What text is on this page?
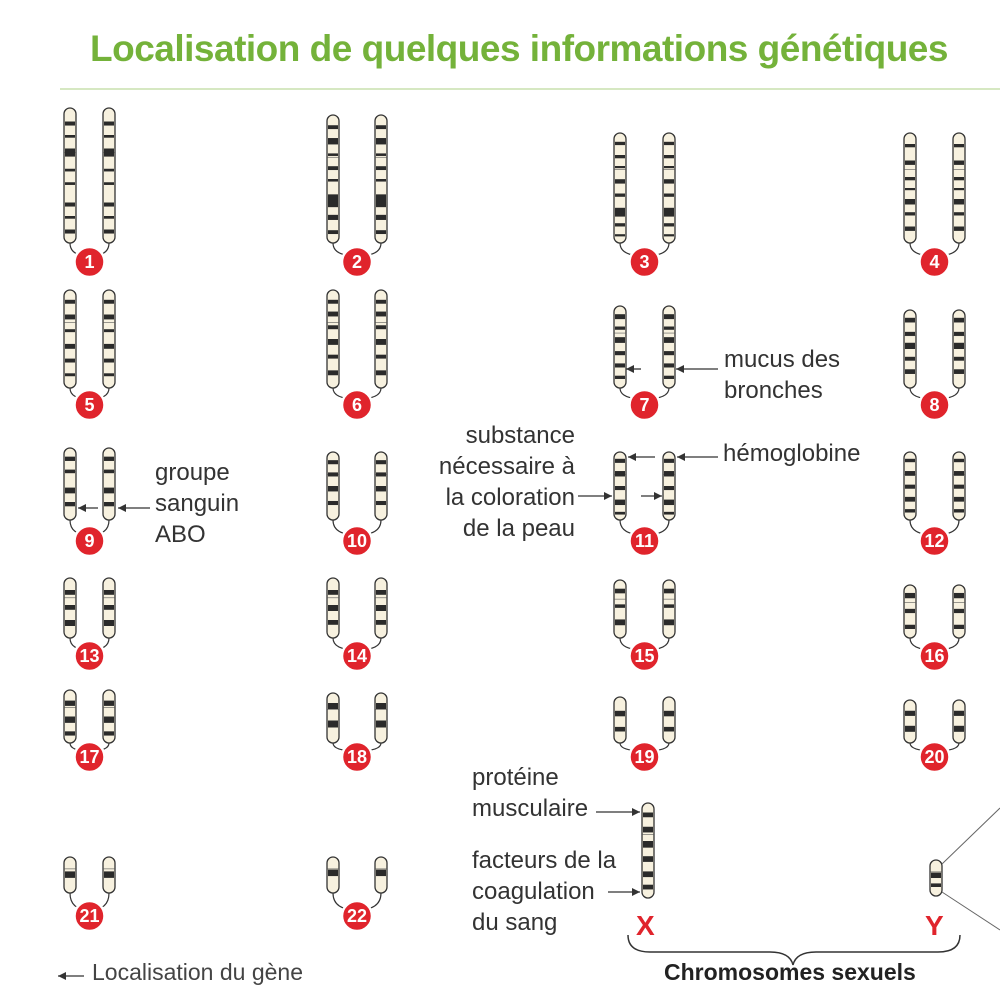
Localisation de quelques informations génétiques
1	2	3	4
5	6	7	8
9	10	11	12
13	14	15	16
17	18	19	20
21	22
groupe
sanguin
ABO
mucus des
bronches
substance
nécessaire à
la coloration
de la peau
hémoglobine
protéine
musculaire
facteurs de la
coagulation
du sang	X	Y
Chromosomes sexuels
Localisation du gène
